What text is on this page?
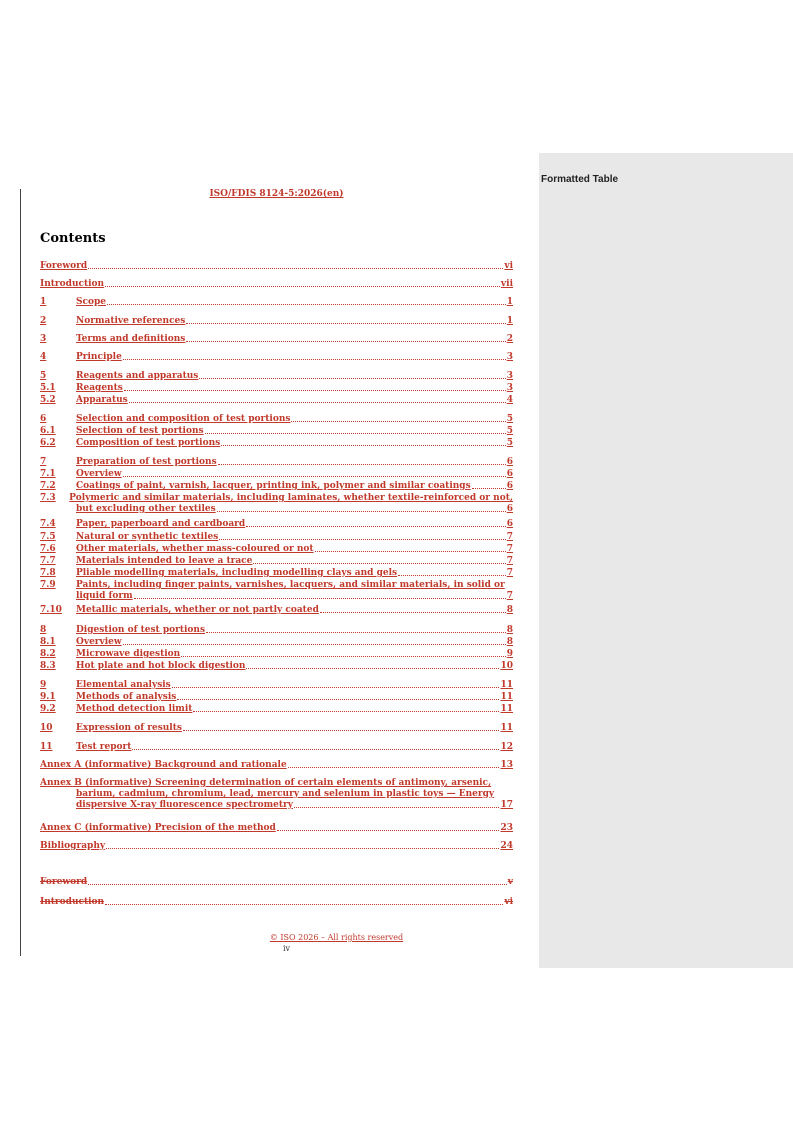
Formatted Table
ISO/FDIS 8124-5:2026(en)
Contents
Foreword	vi
Introduction	vii
1	Scope	1
2	Normative references	1
3	Terms and definitions	2
4	Principle	3
5	Reagents and apparatus	3
5.1	Reagents	3
5.2	Apparatus	4
6	Selection and composition of test portions	5
6.1	Selection of test portions	5
6.2	Composition of test portions	5
7	Preparation of test portions	6
7.1	Overview	6
7.2	Coatings of paint, varnish, lacquer, printing ink, polymer and similar coatings	6
7.3	Polymeric and similar materials, including laminates, whether textile-reinforced or not,
but excluding other textiles	6
7.4	Paper, paperboard and cardboard	6
7.5	Natural or synthetic textiles	7
7.6	Other materials, whether mass-coloured or not	7
7.7	Materials intended to leave a trace	7
7.8	Pliable modelling materials, including modelling clays and gels	7
7.9	Paints, including finger paints, varnishes, lacquers, and similar materials, in solid or
liquid form	7
7.10	Metallic materials, whether or not partly coated	8
8	Digestion of test portions	8
8.1	Overview	8
8.2	Microwave digestion	9
8.3	Hot plate and hot block digestion	10
9	Elemental analysis	11
9.1	Methods of analysis	11
9.2	Method detection limit	11
10	Expression of results	11
11	Test report	12
Annex A (informative) Background and rationale	13
Annex B (informative) Screening determination of certain elements of antimony, arsenic,
barium, cadmium, chromium, lead, mercury and selenium in plastic toys — Energy
dispersive X-ray fluorescence spectrometry	17
Annex C (informative) Precision of the method	23
Bibliography	24
Foreword	v
Introduction	vi
© ISO 2026 – All rights reserved
iv
